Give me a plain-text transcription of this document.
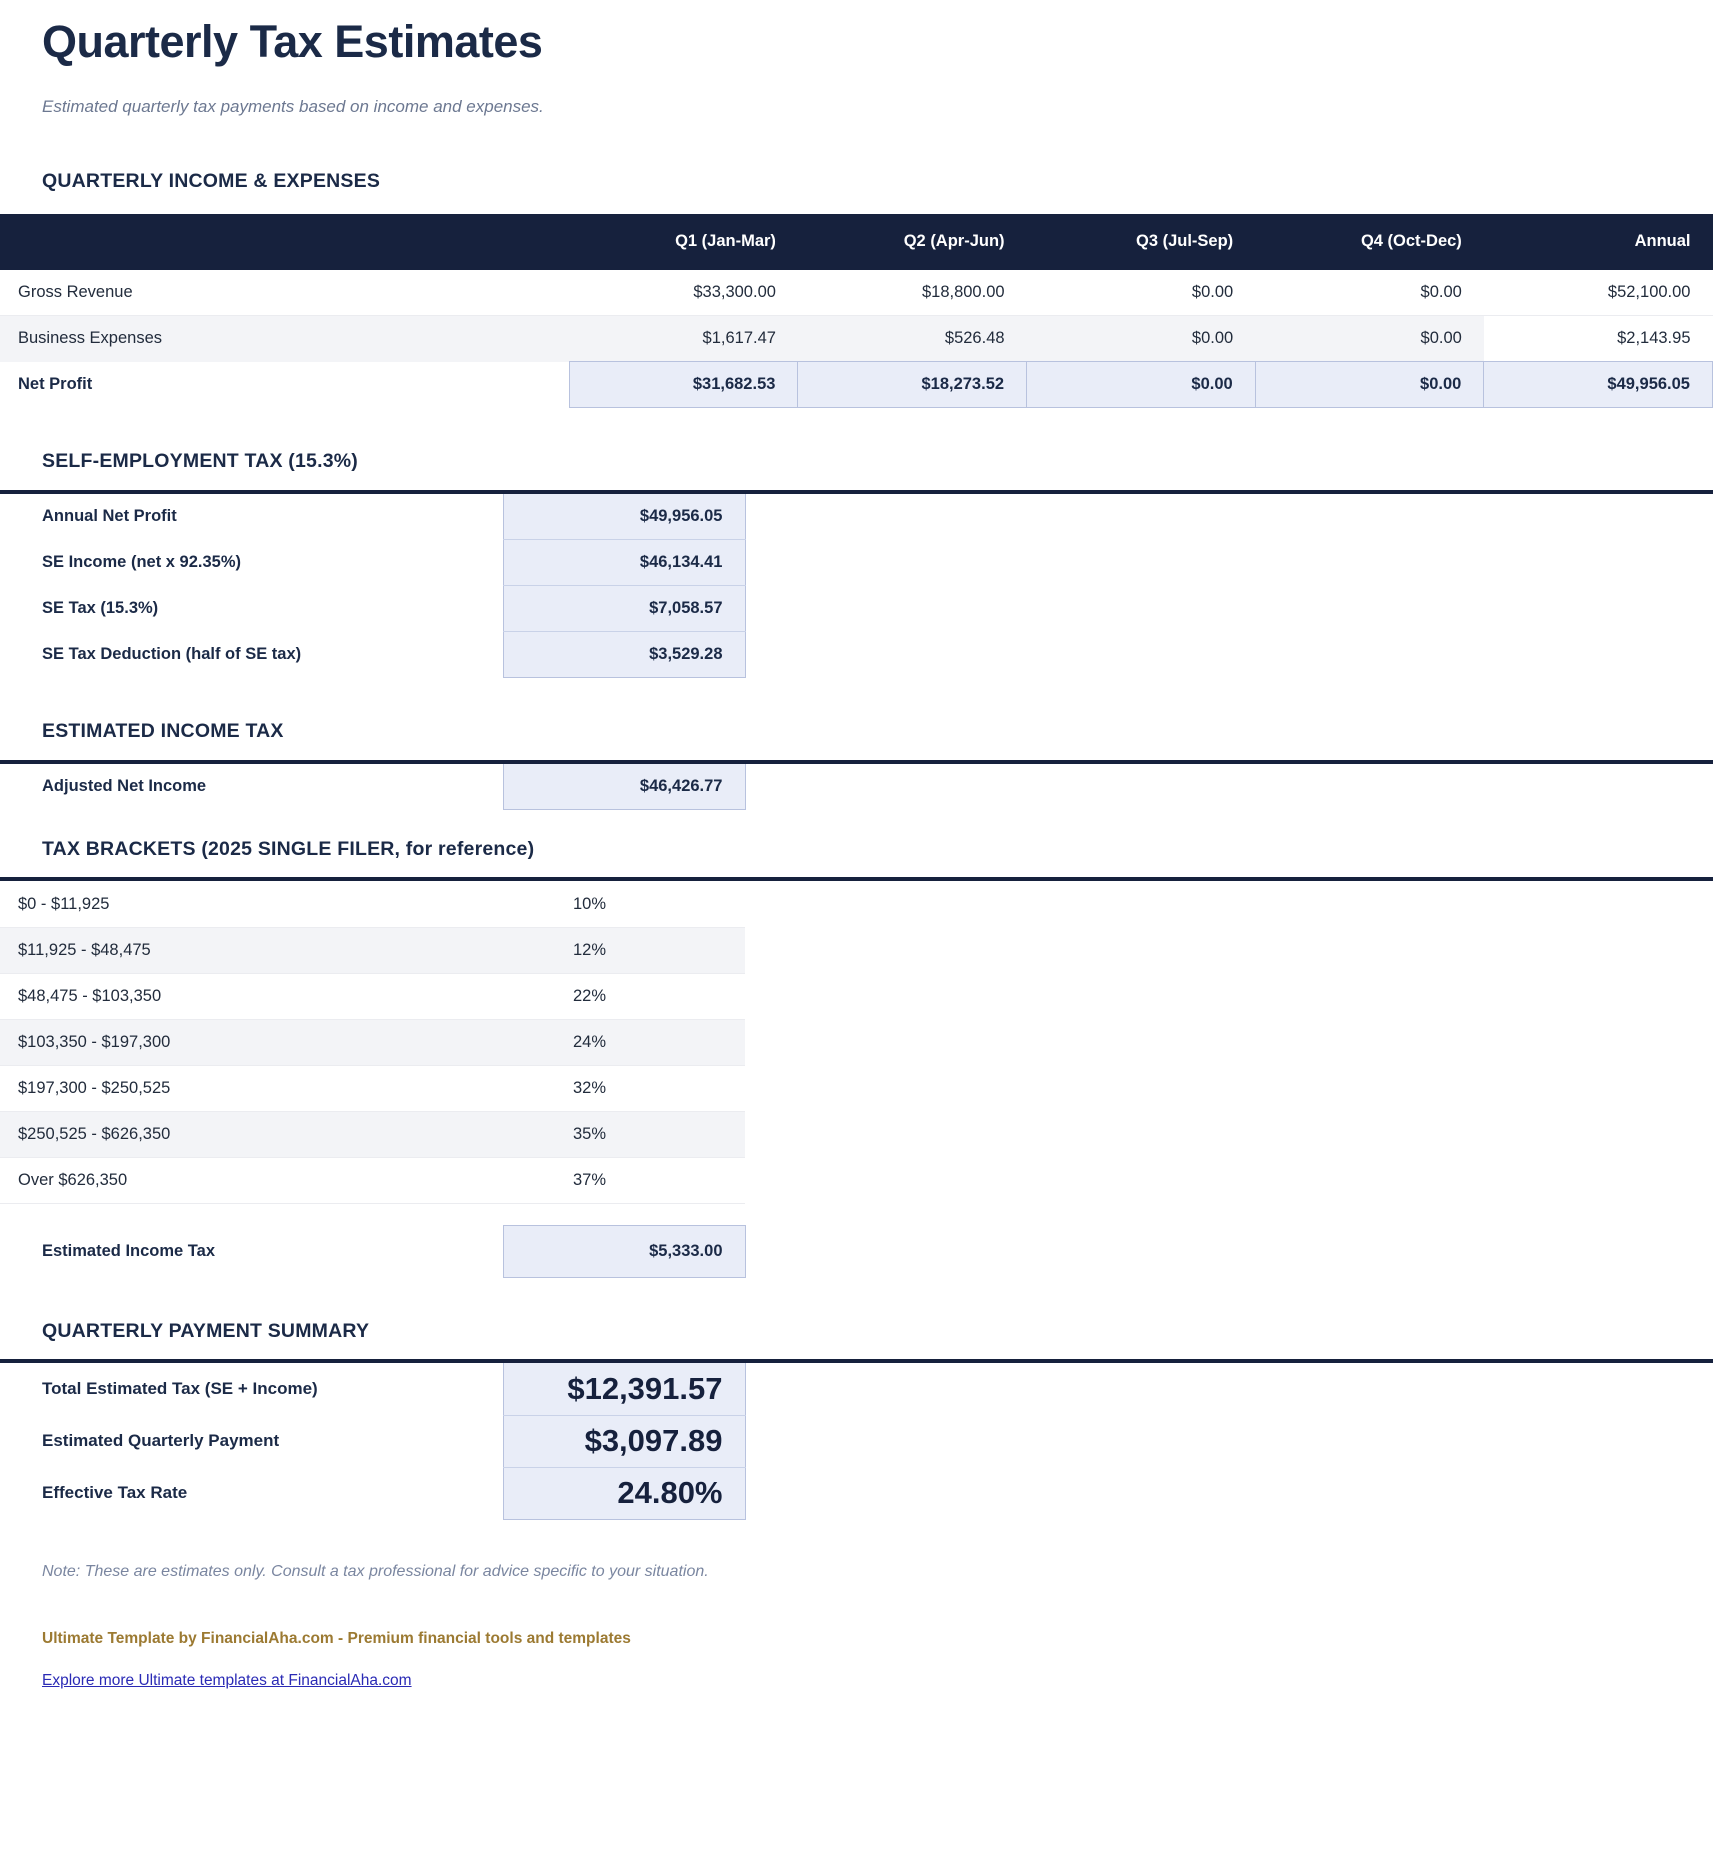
Quarterly Tax Estimates

Estimated quarterly tax payments based on income and expenses.

QUARTERLY INCOME & EXPENSES
	Q1 (Jan-Mar)	Q2 (Apr-Jun)	Q3 (Jul-Sep)	Q4 (Oct-Dec)	Annual
Gross Revenue	$33,300.00	$18,800.00	$0.00	$0.00	$52,100.00
Business Expenses	$1,617.47	$526.48	$0.00	$0.00	$2,143.95
Net Profit	$31,682.53	$18,273.52	$0.00	$0.00	$49,956.05
SELF-EMPLOYMENT TAX (15.3%)
Annual Net Profit	$49,956.05
SE Income (net x 92.35%)	$46,134.41
SE Tax (15.3%)	$7,058.57
SE Tax Deduction (half of SE tax)	$3,529.28
ESTIMATED INCOME TAX
Adjusted Net Income	$46,426.77
TAX BRACKETS (2025 SINGLE FILER, for reference)
$0 - $11,925	10%
$11,925 - $48,475	12%
$48,475 - $103,350	22%
$103,350 - $197,300	24%
$197,300 - $250,525	32%
$250,525 - $626,350	35%
Over $626,350	37%

Estimated Income Tax	$5,333.00
QUARTERLY PAYMENT SUMMARY
Total Estimated Tax (SE + Income)	$12,391.57
Estimated Quarterly Payment	$3,097.89
Effective Tax Rate	24.80%
Note: These are estimates only. Consult a tax professional for advice specific to your situation.
Ultimate Template by FinancialAha.com - Premium financial tools and templates
Explore more Ultimate templates at FinancialAha.com
